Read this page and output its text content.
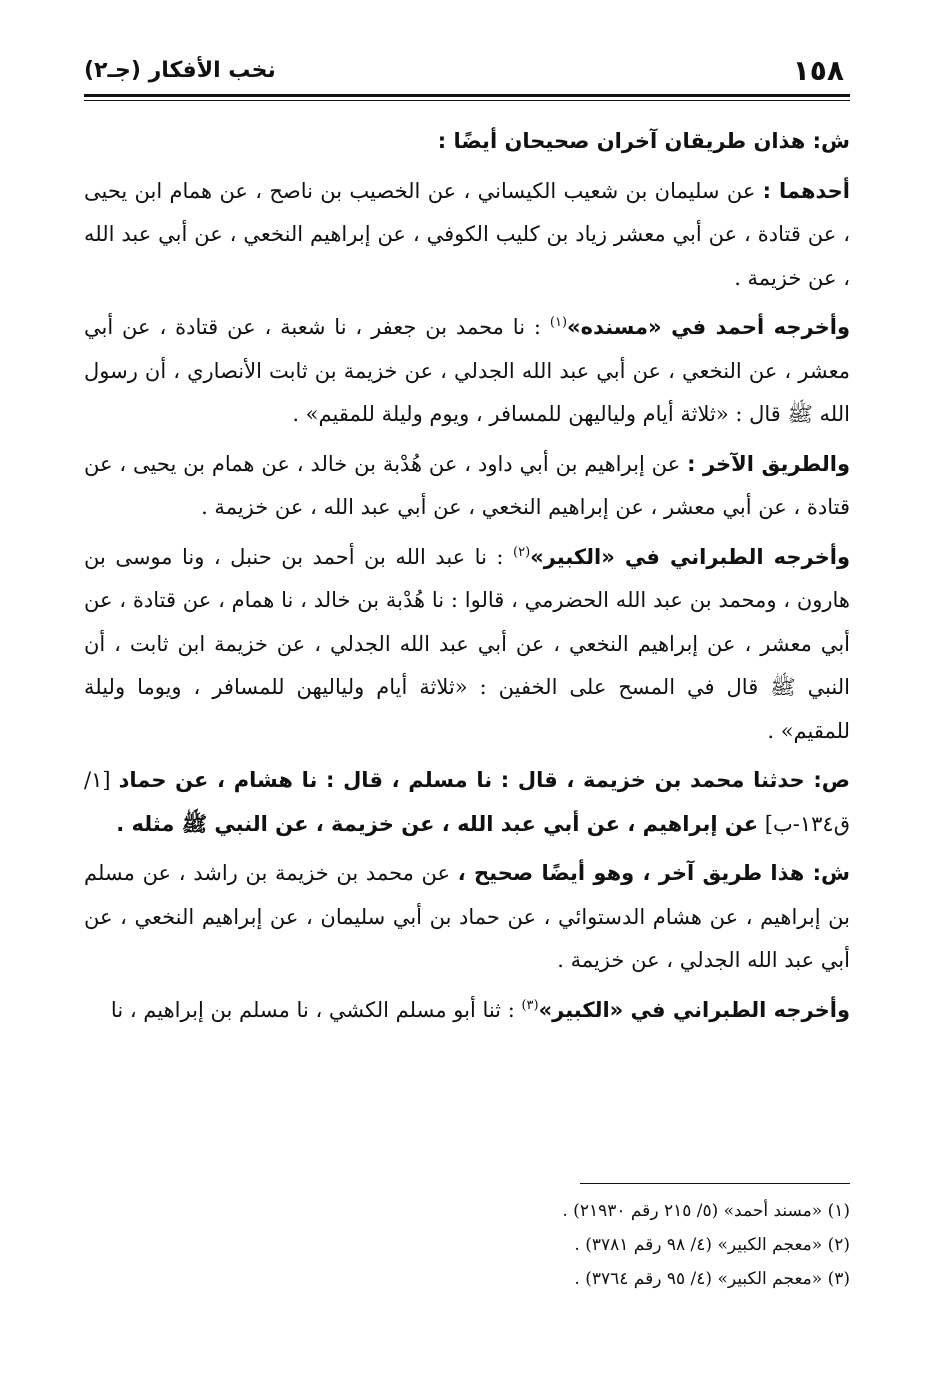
١٥٨
نخب الأفكار (جـ٢)

ش: هذان طريقان آخران صحيحان أيضًا :

أحدهما : عن سليمان بن شعيب الكيساني ، عن الخصيب بن ناصح ، عن همام ابن يحيى ، عن قتادة ، عن أبي معشر زياد بن كليب الكوفي ، عن إبراهيم النخعي ، عن أبي عبد الله ، عن خزيمة .

وأخرجه أحمد في «مسنده»$^{(١)}$ : نا محمد بن جعفر ، نا شعبة ، عن قتادة ، عن أبي معشر ، عن النخعي ، عن أبي عبد الله الجدلي ، عن خزيمة بن ثابت الأنصاري ، أن رسول الله ﷺ قال : «ثلاثة أيام ولياليهن للمسافر ، ويوم وليلة للمقيم» .

والطريق الآخر : عن إبراهيم بن أبي داود ، عن هُدْبة بن خالد ، عن همام بن يحيى ، عن قتادة ، عن أبي معشر ، عن إبراهيم النخعي ، عن أبي عبد الله ، عن خزيمة .

وأخرجه الطبراني في «الكبير»$^{(٢)}$ : نا عبد الله بن أحمد بن حنبل ، ونا موسى بن هارون ، ومحمد بن عبد الله الحضرمي ، قالوا : نا هُدْبة بن خالد ، نا همام ، عن قتادة ، عن أبي معشر ، عن إبراهيم النخعي ، عن أبي عبد الله الجدلي ، عن خزيمة ابن ثابت ، أن النبي ﷺ قال في المسح على الخفين : «ثلاثة أيام ولياليهن للمسافر ، ويوما وليلة للمقيم» .

ص: حدثنا محمد بن خزيمة ، قال : نا مسلم ، قال : نا هشام ، عن حماد [١/ ق١٣٤-ب] عن إبراهيم ، عن أبي عبد الله ، عن خزيمة ، عن النبي ﷺ مثله .

ش: هذا طريق آخر ، وهو أيضًا صحيح ، عن محمد بن خزيمة بن راشد ، عن مسلم بن إبراهيم ، عن هشام الدستوائي ، عن حماد بن أبي سليمان ، عن إبراهيم النخعي ، عن أبي عبد الله الجدلي ، عن خزيمة .

وأخرجه الطبراني في «الكبير»$^{(٣)}$ : ثنا أبو مسلم الكشي ، نا مسلم بن إبراهيم ، نا

(١) «مسند أحمد» (٥/ ٢١٥ رقم ٢١٩٣٠) .

(٢) «معجم الكبير» (٤/ ٩٨ رقم ٣٧٨١) .

(٣) «معجم الكبير» (٤/ ٩٥ رقم ٣٧٦٤) .
